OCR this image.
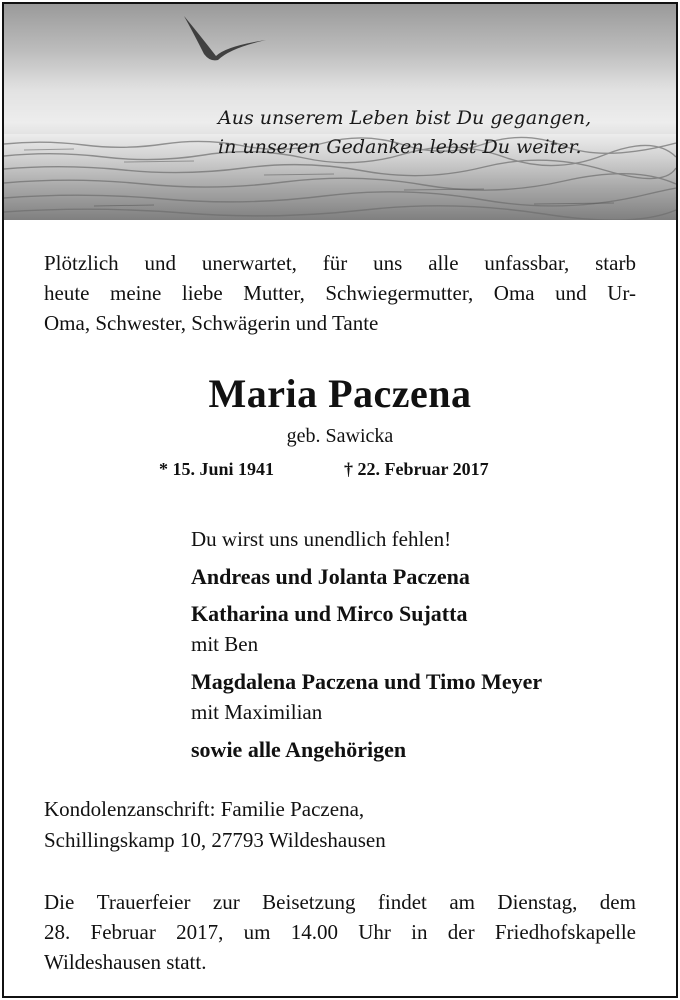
Aus unserem Leben bist Du gegangen,
in unseren Gedanken lebst Du weiter.
Plötzlich und unerwartet, für uns alle unfassbar, starb
heute meine liebe Mutter, Schwiegermutter, Oma und Ur-
Oma, Schwester, Schwägerin und Tante
Maria Paczena
geb. Sawicka
* 15. Juni 1941	† 22. Februar 2017
Du wirst uns unendlich fehlen!
Andreas und Jolanta Paczena
Katharina und Mirco Sujatta
mit Ben
Magdalena Paczena und Timo Meyer
mit Maximilian
sowie alle Angehörigen
Kondolenzanschrift: Familie Paczena,
Schillingskamp 10, 27793 Wildeshausen
Die Trauerfeier zur Beisetzung findet am Dienstag, dem
28. Februar 2017, um 14.00 Uhr in der Friedhofskapelle
Wildeshausen statt.
